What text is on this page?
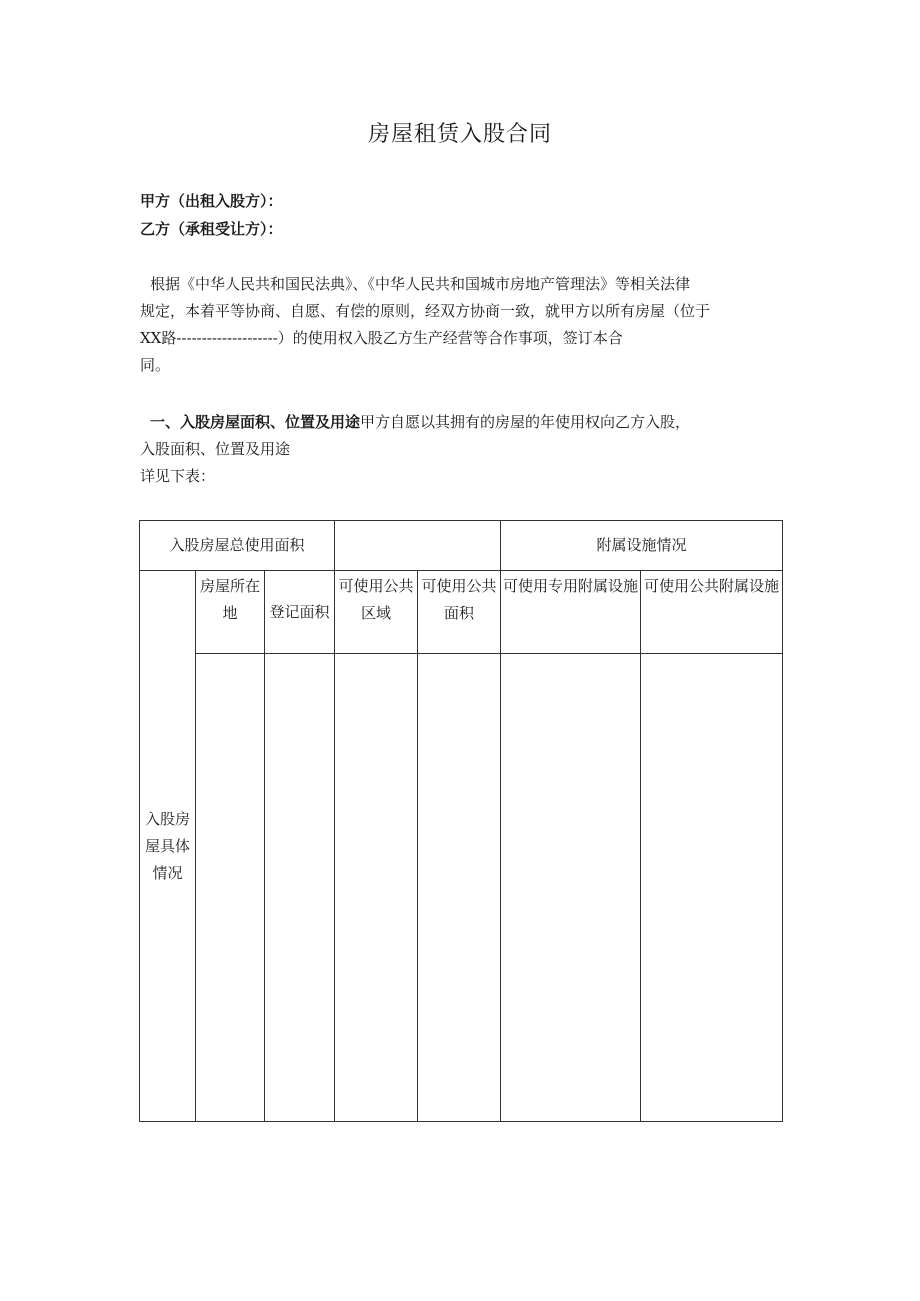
房屋租赁入股合同
甲方（出租入股方）：
乙方（承租受让方）：
根据《中华人民共和国民法典》、《中华人民共和国城市房地产管理法》等相关法律
规定，本着平等协商、自愿、有偿的原则，经双方协商一致，就甲方以所有房屋（位于
XX路--------------------）的使用权入股乙方生产经营等合作事项，签订本合
同。
一、入股房屋面积、位置及用途甲方自愿以其拥有的房屋的年使用权向乙方入股，
入股面积、位置及用途
详见下表：
入股房屋总使用面积					附属设施情况	
入股房屋具体情况	房屋所在地	登记面积	可使用公共区域	可使用公共面积	可使用专用附属设施	可使用公共附属设施
